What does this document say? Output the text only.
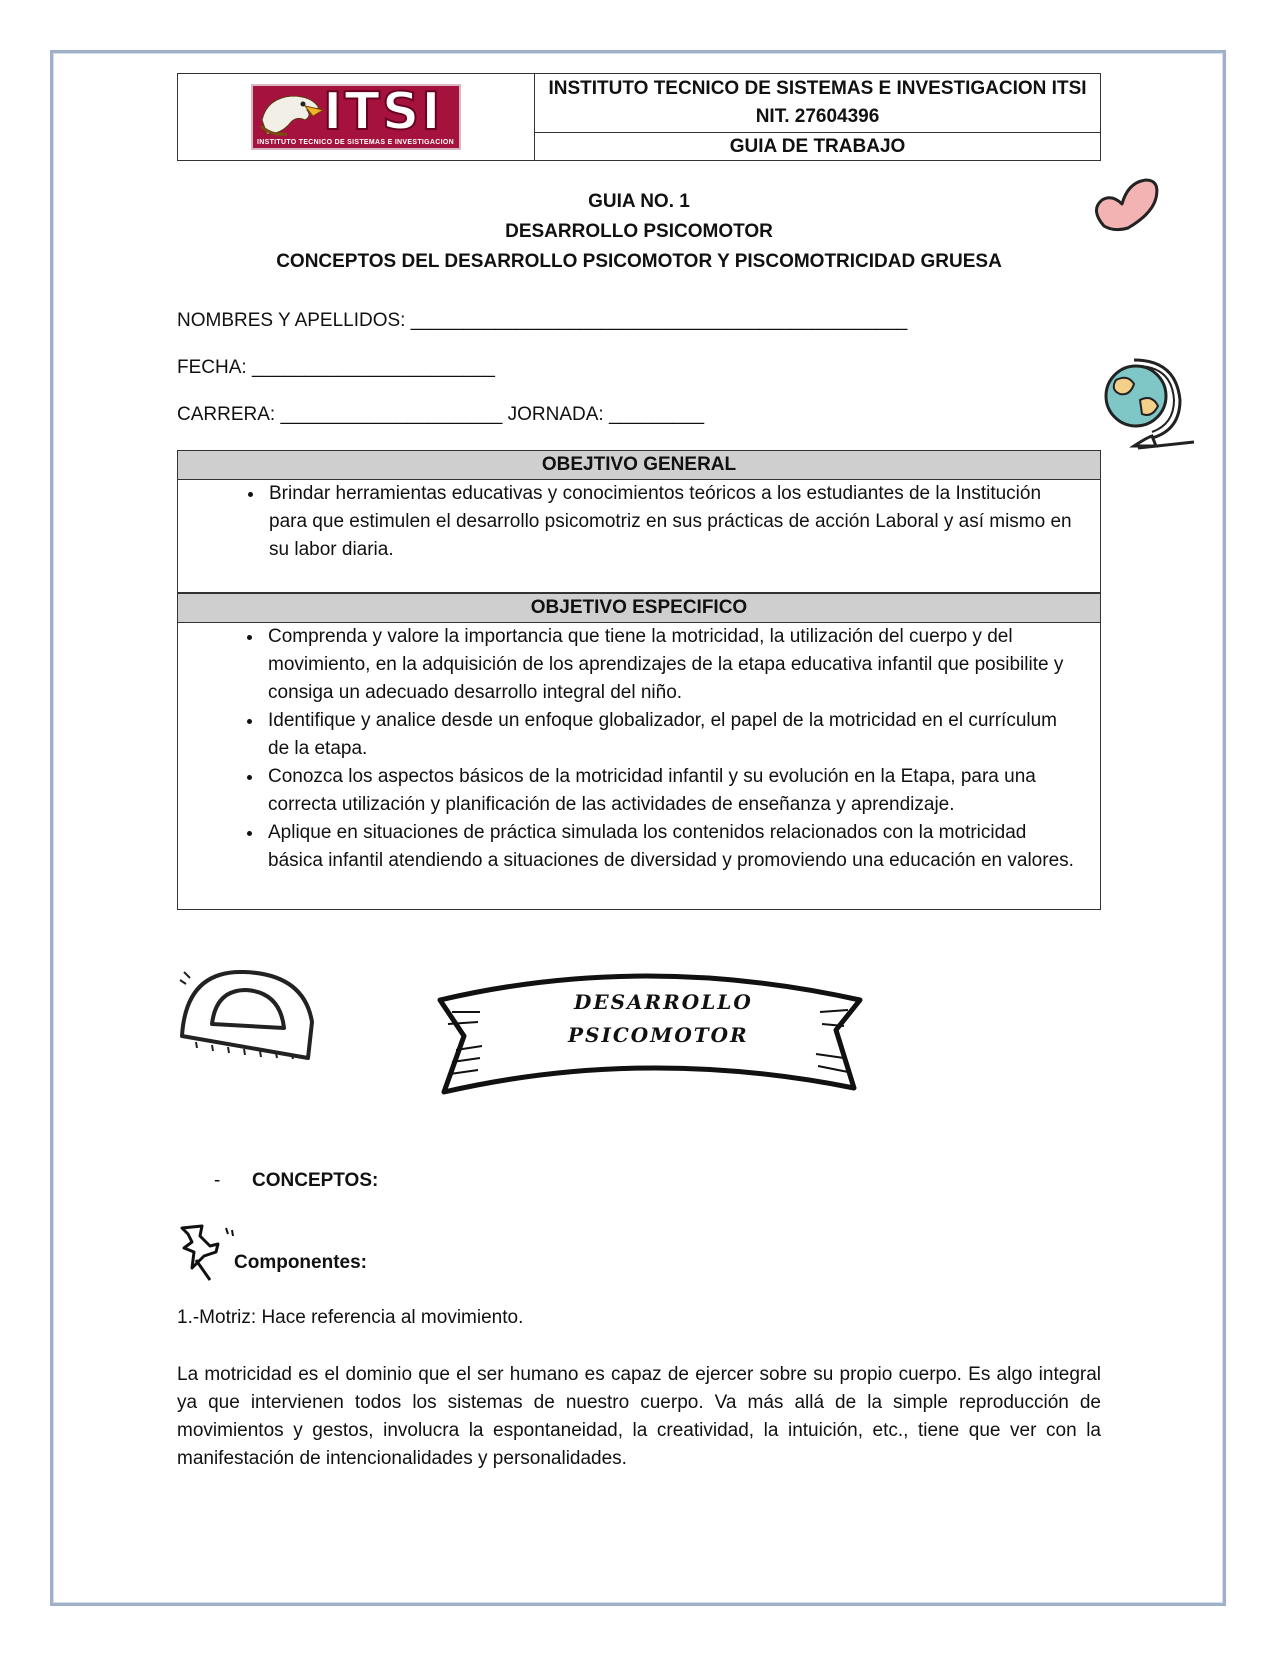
ITSI
INSTITUTO TECNICO DE SISTEMAS E INVESTIGACION
INSTITUTO TECNICO DE SISTEMAS E INVESTIGACION ITSI
NIT. 27604396
GUIA DE TRABAJO
GUIA NO. 1
DESARROLLO PSICOMOTOR
CONCEPTOS DEL DESARROLLO PSICOMOTOR Y PISCOMOTRICIDAD GRUESA
NOMBRES Y APELLIDOS: _______________________________________________
FECHA: _______________________
CARRERA: _____________________ JORNADA: _________
OBEJTIVO GENERAL
• Brindar herramientas educativas y conocimientos teóricos a los estudiantes de la Institución para que estimulen el desarrollo psicomotriz en sus prácticas de acción Laboral y así mismo en su labor diaria.
OBJETIVO ESPECIFICO
• Comprenda y valore la importancia que tiene la motricidad, la utilización del cuerpo y del movimiento, en la adquisición de los aprendizajes de la etapa educativa infantil que posibilite y consiga un adecuado desarrollo integral del niño.
• Identifique y analice desde un enfoque globalizador, el papel de la motricidad en el currículum de la etapa.
• Conozca los aspectos básicos de la motricidad infantil y su evolución en la Etapa, para una correcta utilización y planificación de las actividades de enseñanza y aprendizaje.
• Aplique en situaciones de práctica simulada los contenidos relacionados con la motricidad básica infantil atendiendo a situaciones de diversidad y promoviendo una educación en valores.
DESARROLLO
PSICOMOTOR
- CONCEPTOS:
Componentes:
1.-Motriz: Hace referencia al movimiento.
La motricidad es el dominio que el ser humano es capaz de ejercer sobre su propio cuerpo. Es algo integral ya que intervienen todos los sistemas de nuestro cuerpo. Va más allá de la simple reproducción de movimientos y gestos, involucra la espontaneidad, la creatividad, la intuición, etc., tiene que ver con la manifestación de intencionalidades y personalidades.
